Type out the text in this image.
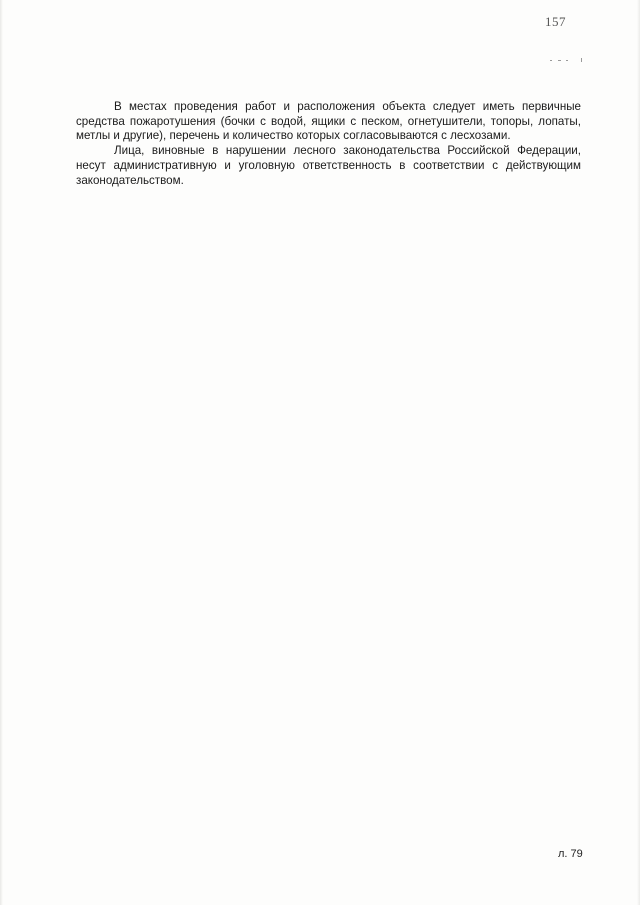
157

В местах проведения работ и расположения объекта следует иметь первичные средства пожаротушения (бочки с водой, ящики с песком, огнетушители, топоры, лопаты, метлы и другие), перечень и количество которых согласовываются с лесхозами.

Лица, виновные в нарушении лесного законодательства Российской Федерации, несут административную и уголовную ответственность в соответствии с действующим законодательством.

л. 79
